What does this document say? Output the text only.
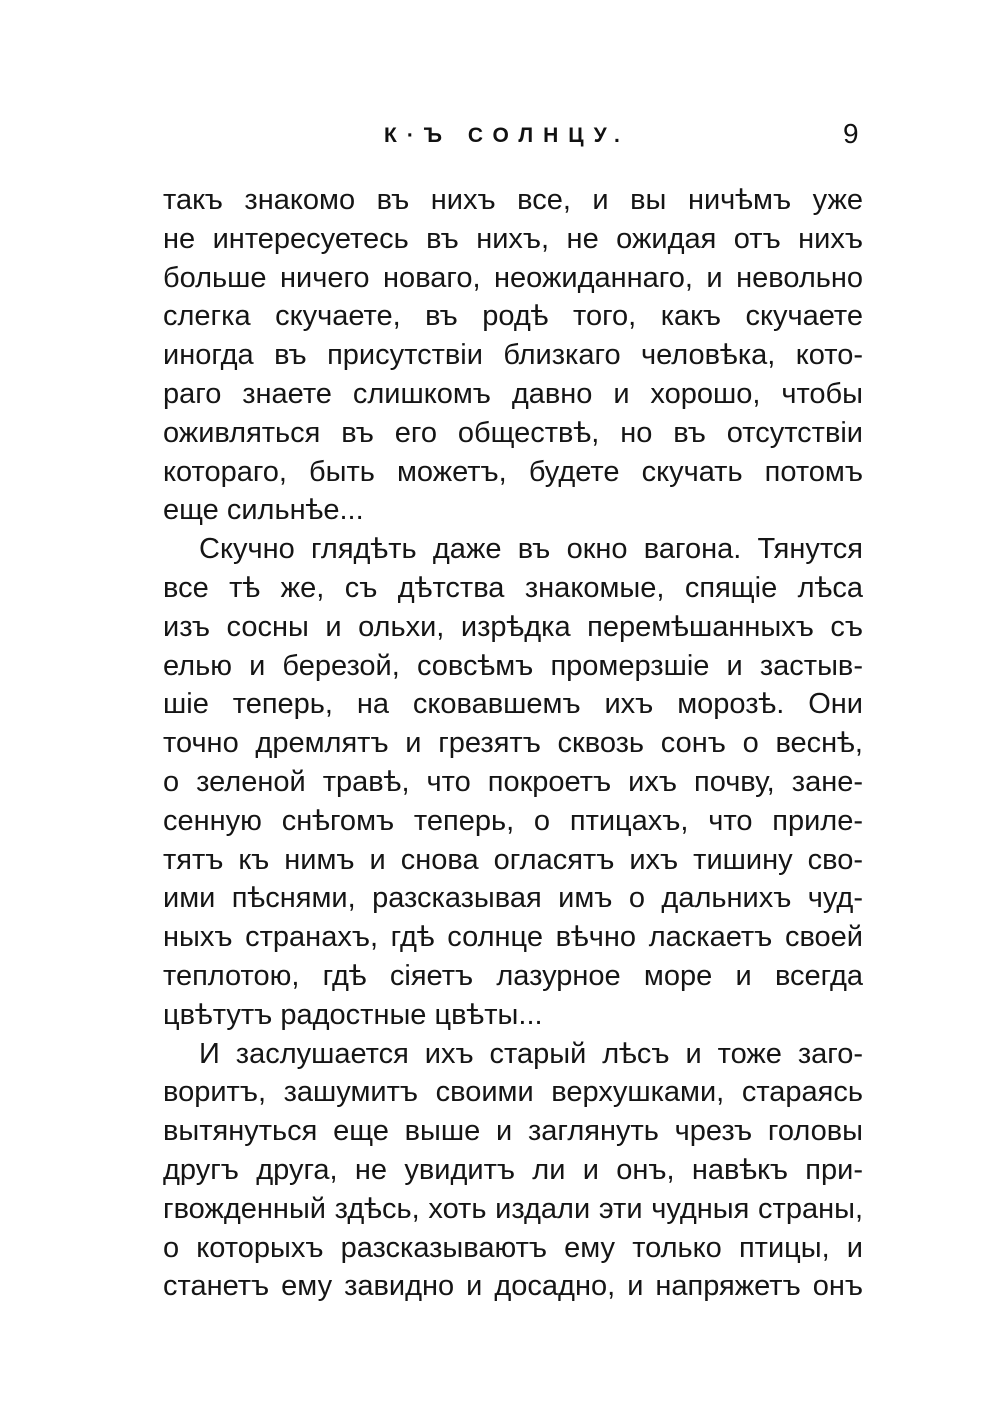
К·Ъ СОЛНЦУ.	9
такъ знакомо въ нихъ все, и вы ничѣмъ уже
не интересуетесь въ нихъ, не ожидая отъ нихъ
больше ничего новаго, неожиданнаго, и невольно
слегка скучаете, въ родѣ того, какъ скучаете
иногда въ присутствіи близкаго человѣка, кото-
раго знаете слишкомъ давно и хорошо, чтобы
оживляться въ его обществѣ, но въ отсутствіи
котораго, быть можетъ, будете скучать потомъ
еще сильнѣе...
Скучно глядѣть даже въ окно вагона. Тянутся
все тѣ же, съ дѣтства знакомые, спящіе лѣса
изъ сосны и ольхи, изрѣдка перемѣшанныхъ съ
елью и березой, совсѣмъ промерзшіе и застыв-
шіе теперь, на сковавшемъ ихъ морозѣ. Они
точно дремлятъ и грезятъ сквозь сонъ о веснѣ,
о зеленой травѣ, что покроетъ ихъ почву, зане-
сенную снѣгомъ теперь, о птицахъ, что приле-
тятъ къ нимъ и снова огласятъ ихъ тишину сво-
ими пѣснями, разсказывая имъ о дальнихъ чуд-
ныхъ странахъ, гдѣ солнце вѣчно ласкаетъ своей
теплотою, гдѣ сіяетъ лазурное море и всегда
цвѣтутъ радостные цвѣты...
И заслушается ихъ старый лѣсъ и тоже заго-
воритъ, зашумитъ своими верхушками, стараясь
вытянуться еще выше и заглянуть чрезъ головы
другъ друга, не увидитъ ли и онъ, навѣкъ при-
гвожденный здѣсь, хоть издали эти чудныя страны,
о которыхъ разсказываютъ ему только птицы, и
станетъ ему завидно и досадно, и напряжетъ онъ
